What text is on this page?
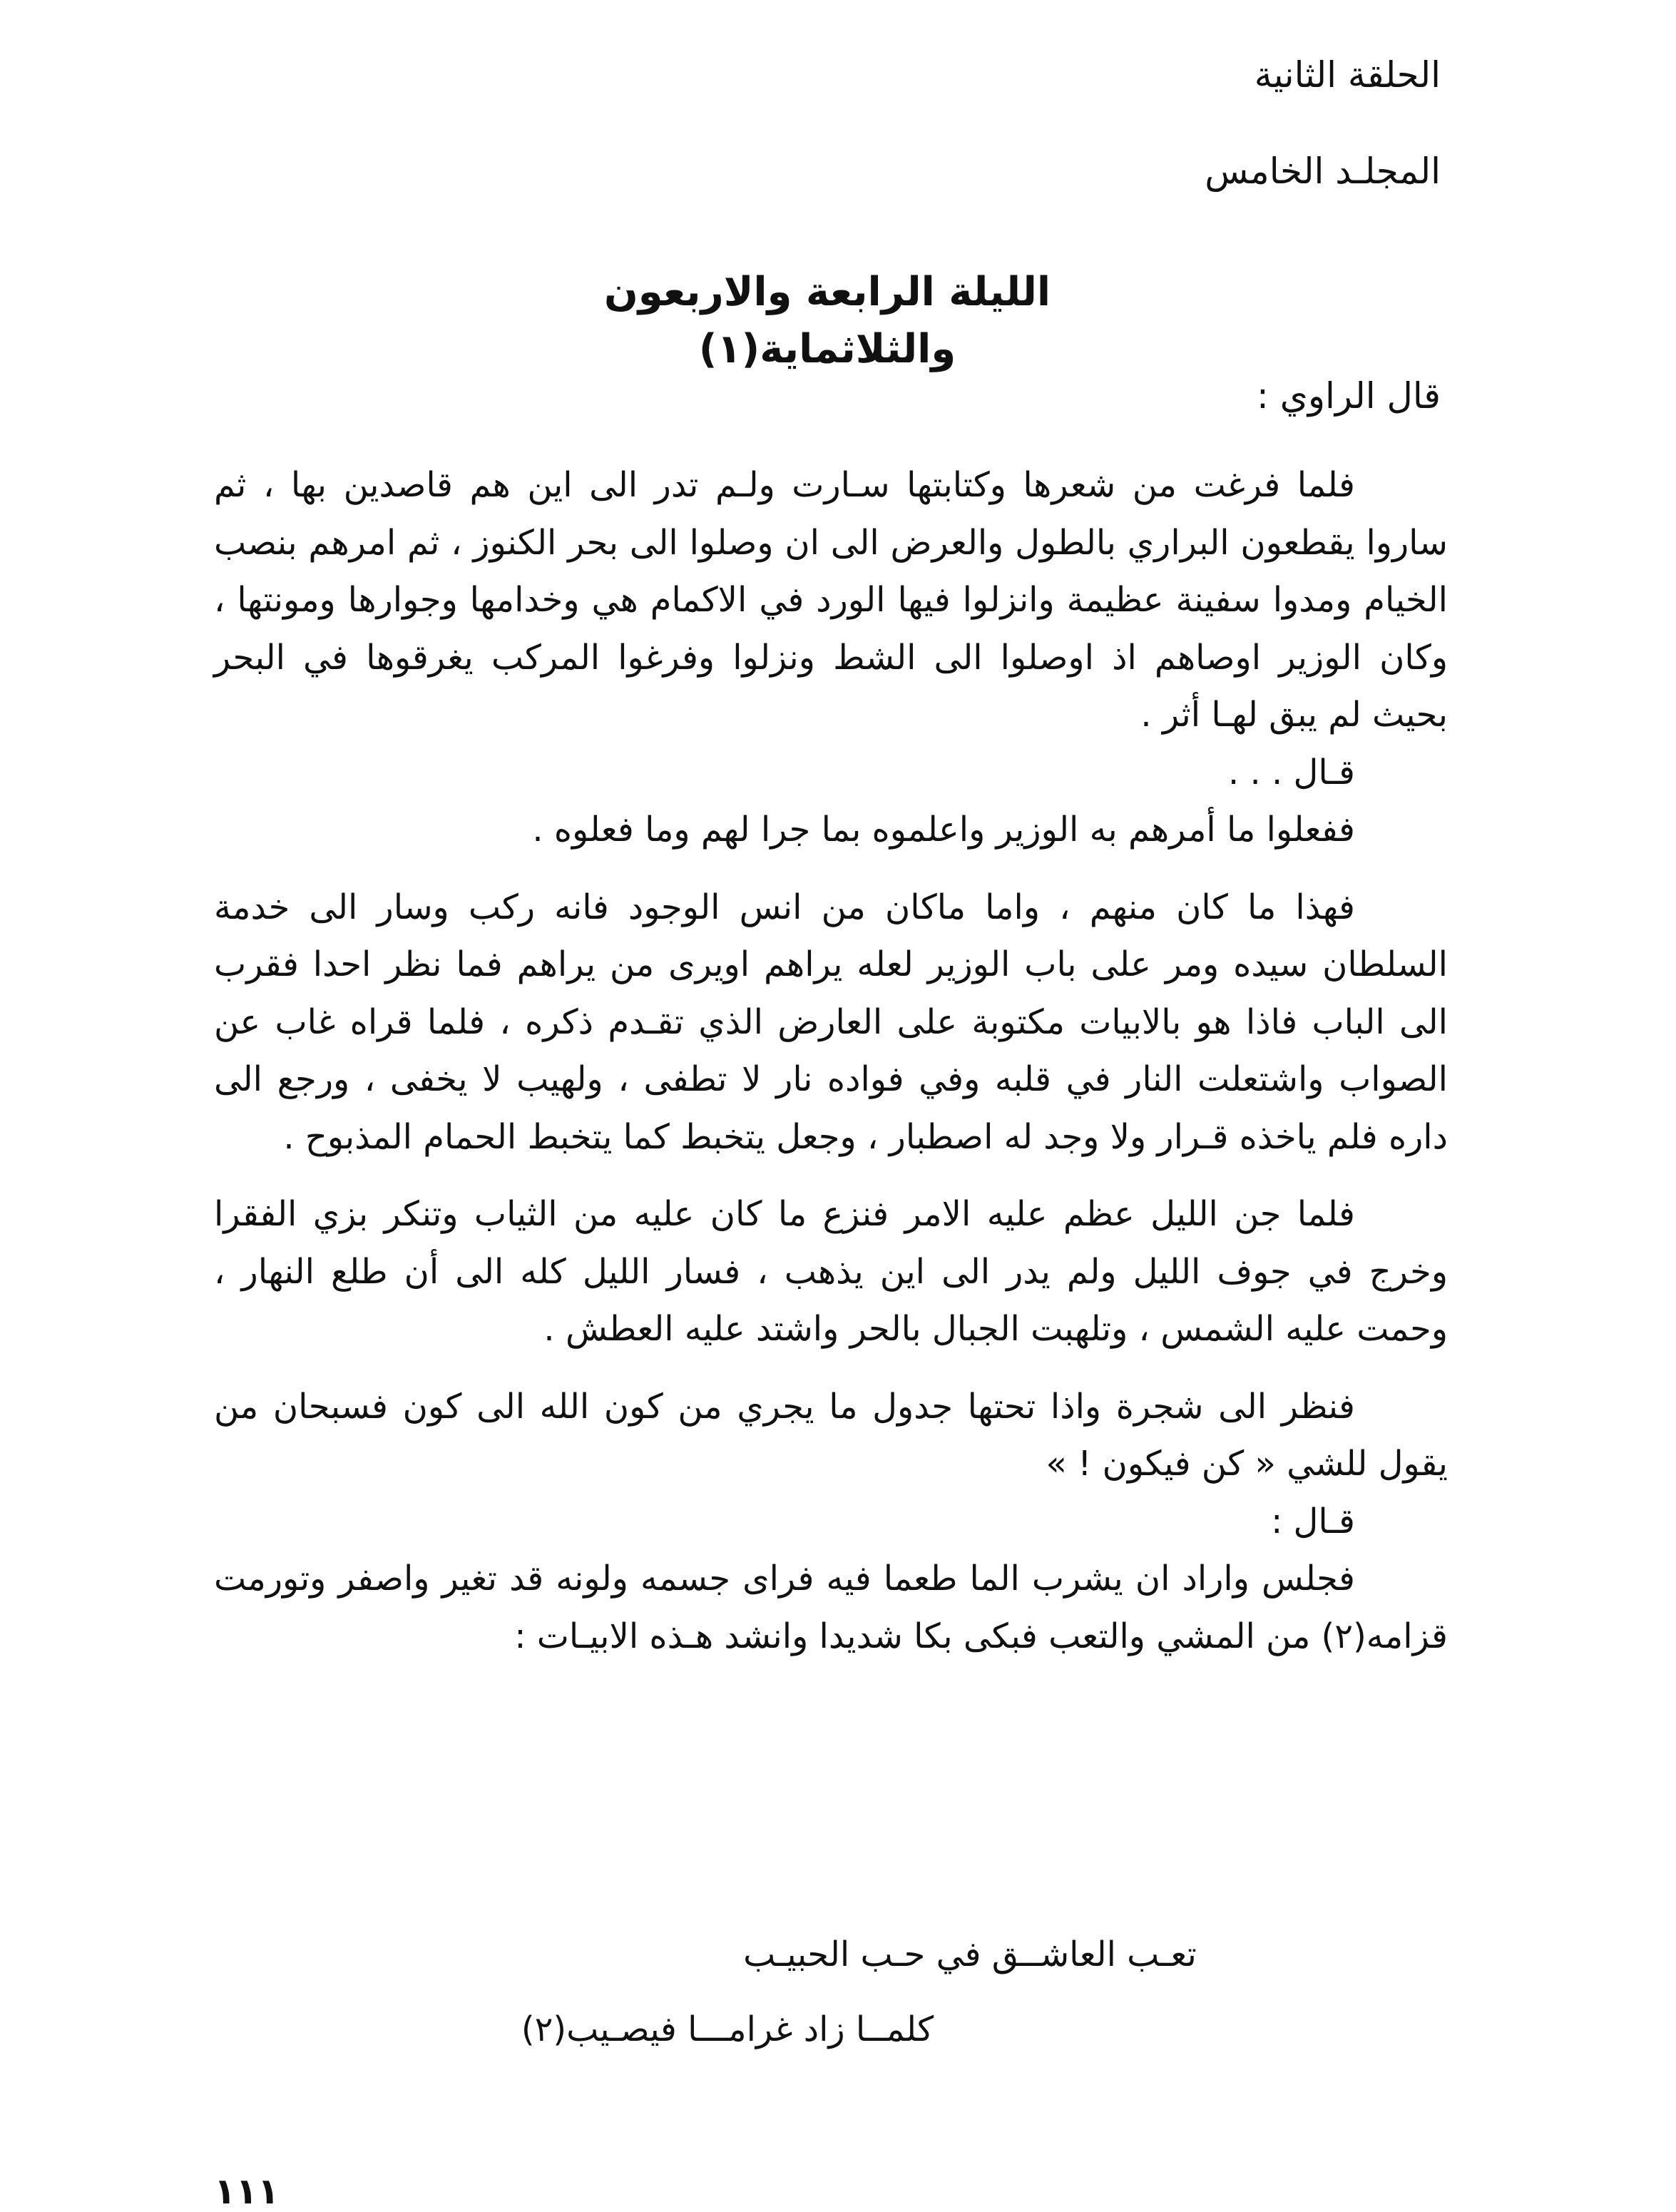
الحلقة الثانية
المجلـد الخامس
الليلة الرابعة والاربعون والثلاثماية(١)
قال الراوي :

فلما فرغت من شعرها وكتابتها سـارت ولـم تدر الى اين هم قاصدين بها ، ثم ساروا يقطعون البراري بالطول والعرض الى ان وصلوا الى بحر الكنوز ، ثم امرهم بنصب الخيام ومدوا سفينة عظيمة وانزلوا فيها الورد في الاكمام هي وخدامها وجوارها ومونتها ، وكان الوزير اوصاهم اذ اوصلوا الى الشط ونزلوا وفرغوا المركب يغرقوها في البحر بحيث لم يبق لهـا أثر .

قـال . . .

ففعلوا ما أمرهم به الوزير واعلموه بما جرا لهم وما فعلوه .

فهذا ما كان منهم ، واما ماكان من انس الوجود فانه ركب وسار الى خدمة السلطان سيده ومر على باب الوزير لعله يراهم اويرى من يراهم فما نظر احدا فقرب الى الباب فاذا هو بالابيات مكتوبة على العارض الذي تقـدم ذكره ، فلما قراه غاب عن الصواب واشتعلت النار في قلبه وفي فواده نار لا تطفى ، ولهيب لا يخفى ، ورجع الى داره فلم ياخذه قـرار ولا وجد له اصطبار ، وجعل يتخبط كما يتخبط الحمام المذبوح .

فلما جن الليل عظم عليه الامر فنزع ما كان عليه من الثياب وتنكر بزي الفقرا وخرج في جوف الليل ولم يدر الى اين يذهب ، فسار الليل كله الى أن طلع النهار ، وحمت عليه الشمس ، وتلهبت الجبال بالحر واشتد عليه العطش .

فنظر الى شجرة واذا تحتها جدول ما يجري من كون الله الى كون فسبحان من يقول للشي « كن فيكون ! »

قـال :

فجلس واراد ان يشرب الما طعما فيه فراى جسمه ولونه قد تغير واصفر وتورمت قزامه(٢) من المشي والتعب فبكى بكا شديدا وانشد هـذه الابيـات :

تعـب العاشــق في حـب الحبيـب
كلمــا زاد غرامـــا فيصـيب(٢)
١١١
